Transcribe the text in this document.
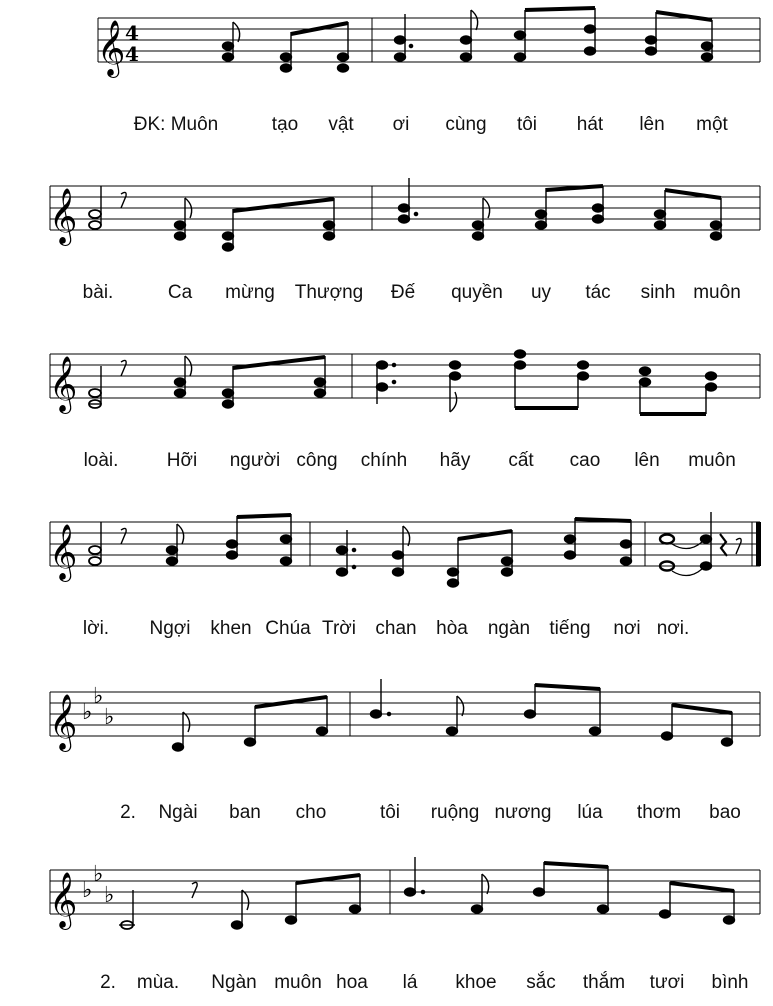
𝄞 4
4
ĐK: Muôn	tạo vật ơi cùng tôi hát lên một
𝄞
bài.	Ca mừng Thượng Đế quyền uy tác sinh muôn
𝄞
loài.	Hỡi người công chính hãy cất cao lên muôn
𝄞
lời. Ngợi khen Chúa Trời chan hòa ngàn tiếng nơi nơi.
𝄞 ♭
♭
♭
2. Ngài ban cho	tôi ruộng nương lúa thơm bao
𝄞 ♭
♭
♭
2. mùa. Ngàn muôn hoa lá khoe sắc thắm tươi bình
